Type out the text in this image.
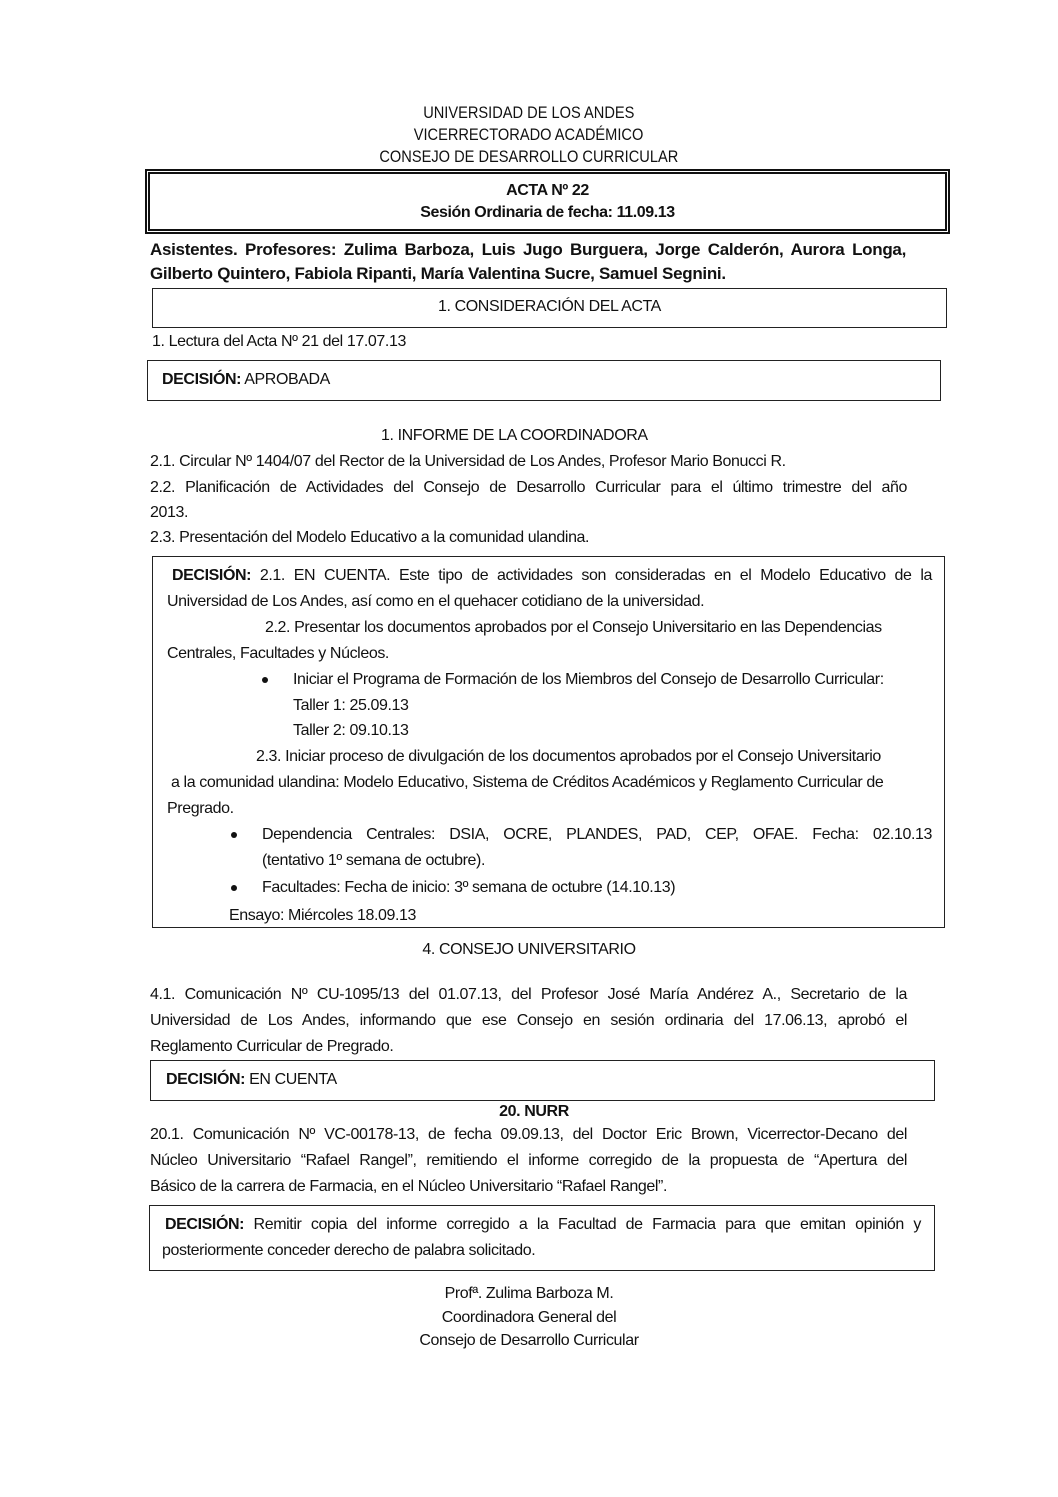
UNIVERSIDAD DE LOS ANDES
VICERRECTORADO ACADÉMICO
CONSEJO DE DESARROLLO CURRICULAR
ACTA Nº 22
Sesión Ordinaria de fecha: 11.09.13
Asistentes. Profesores: Zulima Barboza, Luis Jugo Burguera, Jorge Calderón, Aurora Longa,
Gilberto Quintero, Fabiola Ripanti, María Valentina Sucre, Samuel Segnini.
1. CONSIDERACIÓN DEL ACTA
1. Lectura del Acta Nº 21 del 17.07.13
DECISIÓN: APROBADA
1. INFORME DE LA COORDINADORA
2.1. Circular Nº 1404/07 del Rector de la Universidad de Los Andes, Profesor Mario Bonucci R.
2.2. Planificación de Actividades del Consejo de Desarrollo Curricular para el último trimestre del año
2013.
2.3. Presentación del Modelo Educativo a la comunidad ulandina.
DECISIÓN: 2.1. EN CUENTA. Este tipo de actividades son consideradas en el Modelo Educativo de la
Universidad de Los Andes, así como en el quehacer cotidiano de la universidad.
2.2. Presentar los documentos aprobados por el Consejo Universitario en las Dependencias
Centrales, Facultades y Núcleos.
Iniciar el Programa de Formación de los Miembros del Consejo de Desarrollo Curricular:
Taller 1: 25.09.13
Taller 2: 09.10.13
2.3. Iniciar proceso de divulgación de los documentos aprobados por el Consejo Universitario
a la comunidad ulandina: Modelo Educativo, Sistema de Créditos Académicos y Reglamento Curricular de
Pregrado.
Dependencia Centrales: DSIA, OCRE, PLANDES, PAD, CEP, OFAE. Fecha: 02.10.13
(tentativo 1º semana de octubre).
Facultades: Fecha de inicio: 3º semana de octubre (14.10.13)
Ensayo: Miércoles 18.09.13
4. CONSEJO UNIVERSITARIO
4.1. Comunicación Nº CU-1095/13 del 01.07.13, del Profesor José María Andérez A., Secretario de la
Universidad de Los Andes, informando que ese Consejo en sesión ordinaria del 17.06.13, aprobó el
Reglamento Curricular de Pregrado.
DECISIÓN: EN CUENTA
20. NURR
20.1. Comunicación Nº VC-00178-13, de fecha 09.09.13, del Doctor Eric Brown, Vicerrector-Decano del
Núcleo Universitario “Rafael Rangel”, remitiendo el informe corregido de la propuesta de “Apertura del
Básico de la carrera de Farmacia, en el Núcleo Universitario “Rafael Rangel”.
DECISIÓN: Remitir copia del informe corregido a la Facultad de Farmacia para que emitan opinión y
posteriormente conceder derecho de palabra solicitado.
Profª. Zulima Barboza M.
Coordinadora General del
Consejo de Desarrollo Curricular
